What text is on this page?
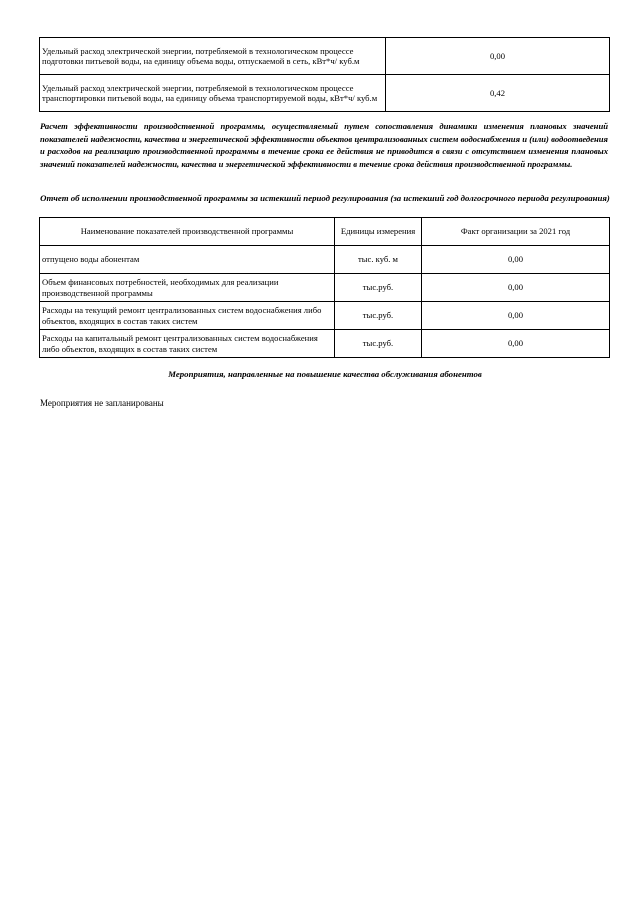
Удельный расход электрической энергии, потребляемой в технологическом процессе подготовки питьевой воды, на единицу объема воды, отпускаемой в сеть, кВт*ч/ куб.м	0,00
Удельный расход электрической энергии, потребляемой в технологическом процессе транспортировки питьевой воды, на единицу объема транспортируемой воды, кВт*ч/ куб.м	0,42
Расчет эффективности производственной программы, осуществляемый путем сопоставления динамики изменения плановых значений показателей надежности, качества и энергетической эффективности объектов централизованных систем водоснабжения и (или) водоотведения и расходов на реализацию производственной программы в течение срока ее действия не приводится в связи с отсутствием изменения плановых значений показателей надежности, качества и энергетической эффективности в течение срока действия производственной программы.
Отчет об исполнении производственной программы за истекший период регулирования (за истекший год долгосрочного периода регулирования)
Наименование показателей производственной программы	Единицы измерения	Факт организации за 2021 год
отпущено воды абонентам	тыс. куб. м	0,00
Объем финансовых потребностей, необходимых для реализации производственной программы	тыс.руб.	0,00
Расходы на текущий ремонт централизованных систем водоснабжения либо объектов, входящих в состав таких систем	тыс.руб.	0,00
Расходы на капитальный ремонт централизованных систем водоснабжения либо объектов, входящих в состав таких систем	тыс.руб.	0,00
Мероприятия, направленные на повышение качества обслуживания абонентов
Мероприятия не запланированы
